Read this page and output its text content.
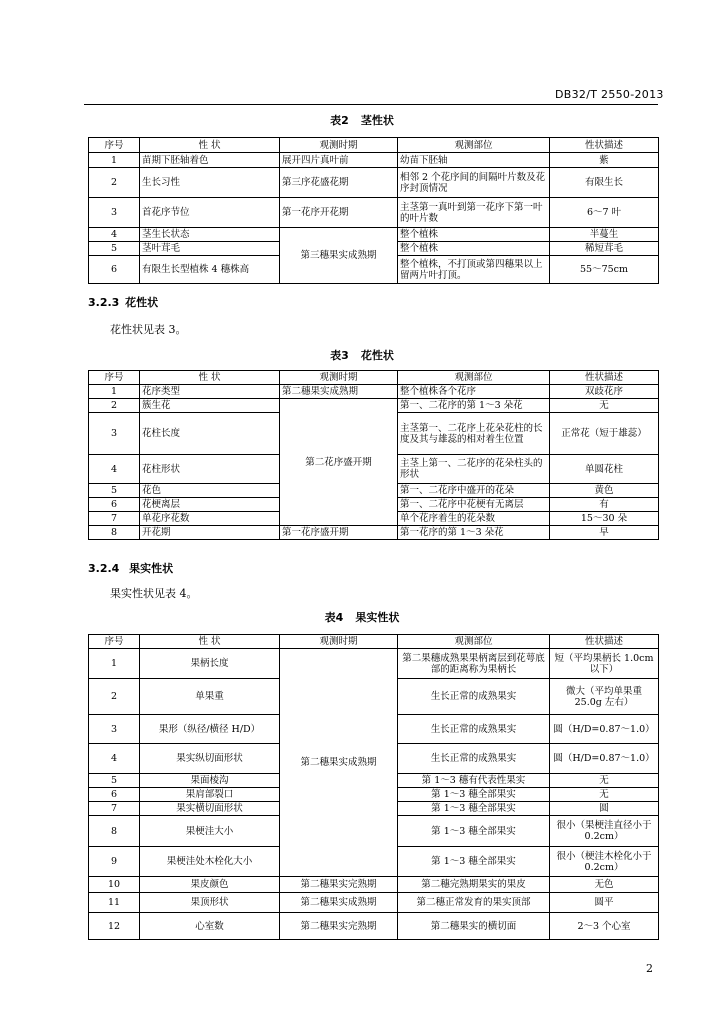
DB32/T 2550-2013
表2 茎性状
序号	性 状	观测时期	观测部位	性状描述
1	苗期下胚轴着色	展开四片真叶前	幼苗下胚轴	紫
2	生长习性	第三序花盛花期	相邻 2 个花序间的间隔叶片数及花序封顶情况	有限生长
3	首花序节位	第一花序开花期	主茎第一真叶到第一花序下第一叶的叶片数	6～7 叶
4	茎生长状态	第三穗果实成熟期	整个植株	半蔓生
5	茎叶茸毛		整个植株	稀短茸毛
6	有限生长型植株 4 穗株高		整个植株，不打顶或第四穗果以上留两片叶打顶。	55～75cm
3.2.3 花性状
花性状见表 3。
表3 花性状
序号	性 状	观测时期	观测部位	性状描述
1	花序类型	第二穗果实成熟期	整个植株各个花序	双歧花序
2	簇生花	第二花序盛开期	第一、二花序的第 1～3 朵花	无
3	花柱长度		主茎第一、二花序上花朵花柱的长度及其与雄蕊的相对着生位置	正常花（短于雄蕊）
4	花柱形状		主茎上第一、二花序的花朵柱头的形状	单圆花柱
5	花色		第一、二花序中盛开的花朵	黄色
6	花梗离层		第一、二花序中花梗有无离层	有
7	单花序花数		单个花序着生的花朵数	15～30 朵
8	开花期	第一花序盛开期	第一花序的第 1～3 朵花	早
3.2.4 果实性状
果实性状见表 4。
表4 果实性状
序号	性 状	观测时期	观测部位	性状描述
1	果柄长度	第二穗果实成熟期	第二果穗成熟果果柄离层到花萼底部的距离称为果柄长	短（平均果柄长 1.0cm 以下）
2	单果重		生长正常的成熟果实	微大（平均单果重 25.0g 左右）
3	果形（纵径/横径 H/D）		生长正常的成熟果实	圆（H/D=0.87～1.0）
4	果实纵切面形状		生长正常的成熟果实	圆（H/D=0.87～1.0）
5	果面棱沟		第 1～3 穗有代表性果实	无
6	果肩部裂口		第 1～3 穗全部果实	无
7	果实横切面形状		第 1～3 穗全部果实	圆
8	果梗洼大小		第 1～3 穗全部果实	很小（果梗洼直径小于 0.2cm）
9	果梗洼处木栓化大小		第 1～3 穗全部果实	很小（梗洼木栓化小于 0.2cm）
10	果皮颜色	第二穗果实完熟期	第二穗完熟期果实的果皮	无色
11	果顶形状	第二穗果实成熟期	第二穗正常发育的果实顶部	圆平
12	心室数	第二穗果实完熟期	第二穗果实的横切面	2～3 个心室
2
